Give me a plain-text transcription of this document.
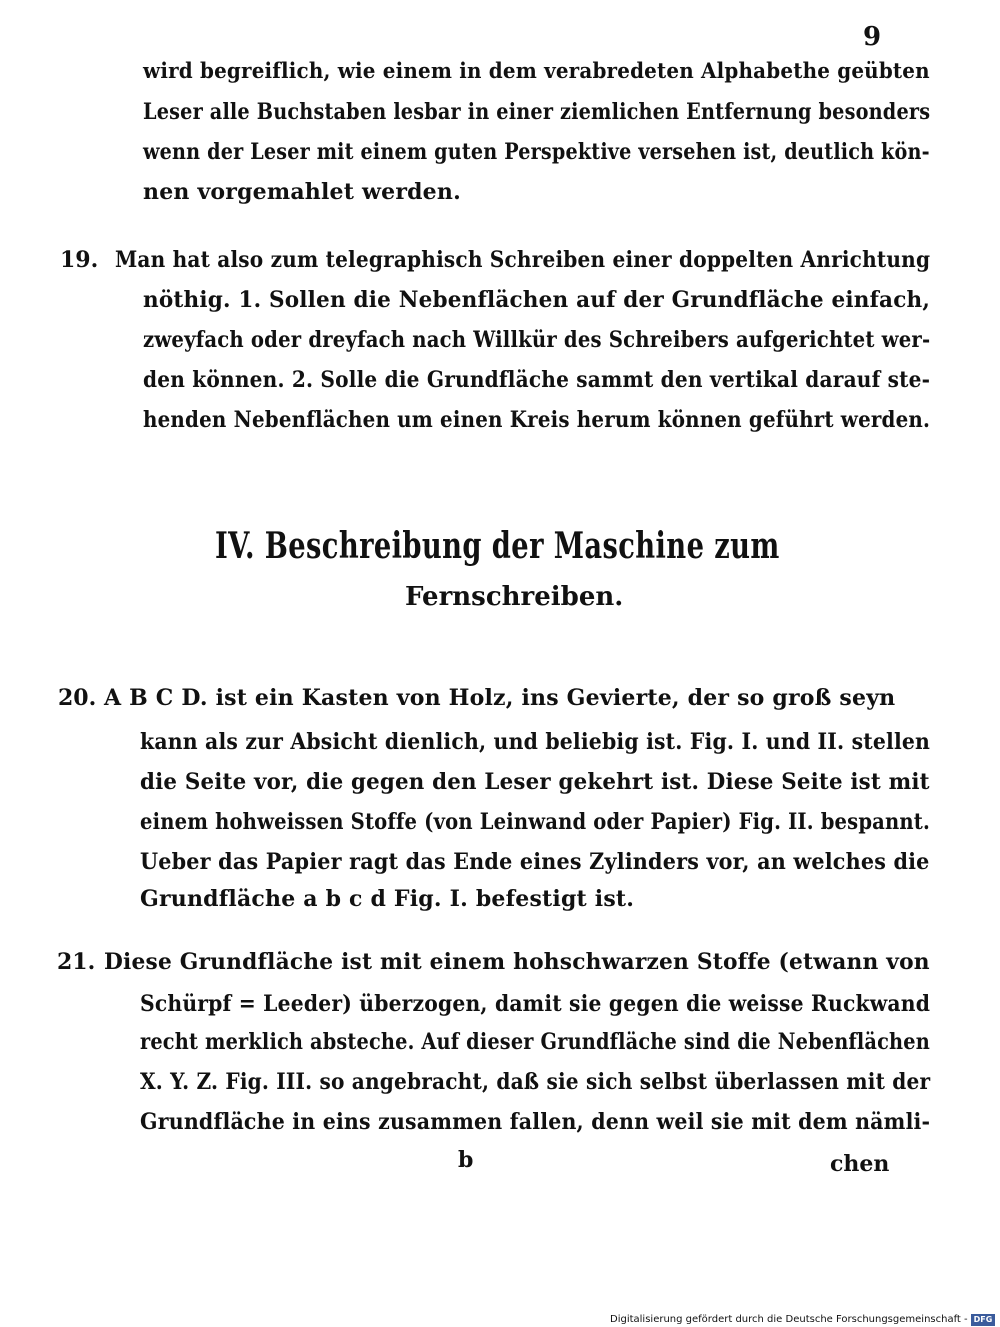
9
wird begreiflich, wie einem in dem verabredeten Alphabethe geübten
Leser alle Buchstaben lesbar in einer ziemlichen Entfernung besonders
wenn der Leser mit einem guten Perspektive versehen ist, deutlich kön-
nen vorgemahlet werden.
19. Man hat also zum telegraphisch Schreiben einer doppelten Anrichtung
nöthig. 1. Sollen die Nebenflächen auf der Grundfläche einfach,
zweyfach oder dreyfach nach Willkür des Schreibers aufgerichtet wer-
den können. 2. Solle die Grundfläche sammt den vertikal darauf ste-
henden Nebenflächen um einen Kreis herum können geführt werden.
IV. Beschreibung der Maschine zum
Fernschreiben.
20. A B C D. ist ein Kasten von Holz, ins Gevierte, der so groß seyn
kann als zur Absicht dienlich, und beliebig ist. Fig. I. und II. stellen
die Seite vor, die gegen den Leser gekehrt ist. Diese Seite ist mit
einem hohweissen Stoffe (von Leinwand oder Papier) Fig. II. bespannt.
Ueber das Papier ragt das Ende eines Zylinders vor, an welches die
Grundfläche a b c d Fig. I. befestigt ist.
21. Diese Grundfläche ist mit einem hohschwarzen Stoffe (etwann von
Schürpf = Leeder) überzogen, damit sie gegen die weisse Ruckwand
recht merklich absteche. Auf dieser Grundfläche sind die Nebenflächen
X. Y. Z. Fig. III. so angebracht, daß sie sich selbst überlassen mit der
Grundfläche in eins zusammen fallen, denn weil sie mit dem nämli-
b	chen
Digitalisierung gefördert durch die Deutsche Forschungsgemeinschaft - DFG
